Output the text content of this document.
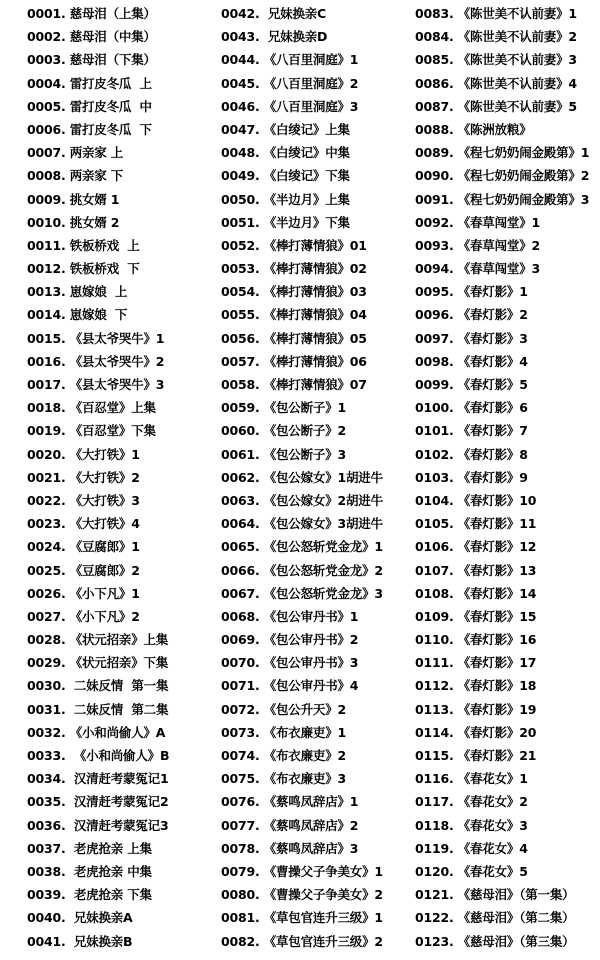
0001. 慈母泪（上集）
0002. 慈母泪（中集）
0003. 慈母泪（下集）
0004. 雷打皮冬瓜  上
0005. 雷打皮冬瓜  中
0006. 雷打皮冬瓜  下
0007. 两亲家 上
0008. 两亲家 下
0009. 挑女婿 1
0010. 挑女婿 2
0011. 铁板桥戏  上
0012. 铁板桥戏  下
0013. 崽嫁娘  上
0014. 崽嫁娘  下
0015. 《县太爷哭牛》1
0016. 《县太爷哭牛》2
0017. 《县太爷哭牛》3
0018. 《百忍堂》上集
0019. 《百忍堂》下集
0020. 《大打铁》1
0021. 《大打铁》2
0022. 《大打铁》3
0023. 《大打铁》4
0024. 《豆腐郎》1
0025. 《豆腐郎》2
0026. 《小下凡》1
0027. 《小下凡》2
0028. 《状元招亲》上集
0029. 《状元招亲》下集
0030.  二妹反情  第一集
0031.  二妹反情  第二集
0032. 《小和尚偷人》A
0033.  《小和尚偷人》B
0034.  汉清赶考蒙冤记1
0035.  汉清赶考蒙冤记2
0036.  汉清赶考蒙冤记3
0037.  老虎抢亲 上集
0038.  老虎抢亲 中集
0039.  老虎抢亲 下集
0040.  兄妹换亲A
0041.  兄妹换亲B
0042.  兄妹换亲C
0043.  兄妹换亲D
0044. 《八百里洞庭》1
0045. 《八百里洞庭》2
0046. 《八百里洞庭》3
0047. 《白绫记》上集
0048. 《白绫记》中集
0049. 《白绫记》下集
0050. 《半边月》上集
0051. 《半边月》下集
0052. 《棒打薄情狼》01
0053. 《棒打薄情狼》02
0054. 《棒打薄情狼》03
0055. 《棒打薄情狼》04
0056. 《棒打薄情狼》05
0057. 《棒打薄情狼》06
0058. 《棒打薄情狼》07
0059. 《包公断子》1
0060. 《包公断子》2
0061. 《包公断子》3
0062. 《包公嫁女》1胡进牛
0063. 《包公嫁女》2胡进牛
0064. 《包公嫁女》3胡进牛
0065. 《包公怒斩党金龙》1
0066. 《包公怒斩党金龙》2
0067. 《包公怒斩党金龙》3
0068. 《包公审丹书》1
0069. 《包公审丹书》2
0070. 《包公审丹书》3
0071. 《包公审丹书》4
0072. 《包公升天》2
0073. 《布衣廉吏》1
0074. 《布衣廉吏》2
0075. 《布衣廉吏》3
0076. 《蔡鸣凤辞店》1
0077. 《蔡鸣凤辞店》2
0078. 《蔡鸣凤辞店》3
0079. 《曹操父子争美女》1
0080. 《曹操父子争美女》2
0081. 《草包官连升三级》1
0082. 《草包官连升三级》2
0083. 《陈世美不认前妻》1
0084. 《陈世美不认前妻》2
0085. 《陈世美不认前妻》3
0086. 《陈世美不认前妻》4
0087. 《陈世美不认前妻》5
0088. 《陈洲放粮》
0089. 《程七奶奶闹金殿第》1
0090. 《程七奶奶闹金殿第》2
0091. 《程七奶奶闹金殿第》3
0092. 《春草闯堂》1
0093. 《春草闯堂》2
0094. 《春草闯堂》3
0095. 《春灯影》1
0096. 《春灯影》2
0097. 《春灯影》3
0098. 《春灯影》4
0099. 《春灯影》5
0100. 《春灯影》6
0101. 《春灯影》7
0102. 《春灯影》8
0103. 《春灯影》9
0104. 《春灯影》10
0105. 《春灯影》11
0106. 《春灯影》12
0107. 《春灯影》13
0108. 《春灯影》14
0109. 《春灯影》15
0110. 《春灯影》16
0111. 《春灯影》17
0112. 《春灯影》18
0113. 《春灯影》19
0114. 《春灯影》20
0115. 《春灯影》21
0116. 《春花女》1
0117. 《春花女》2
0118. 《春花女》3
0119. 《春花女》4
0120. 《春花女》5
0121. 《慈母泪》（第一集）
0122. 《慈母泪》（第二集）
0123. 《慈母泪》（第三集）
